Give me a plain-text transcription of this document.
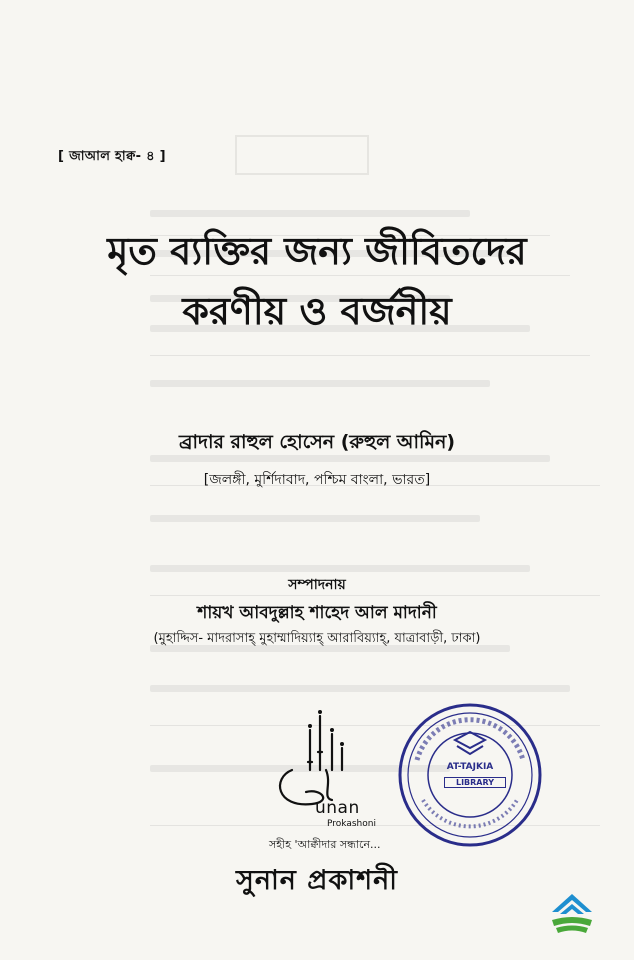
[ জাআল হাক্ব- ৪ ]
মৃত ব্যক্তির জন্য জীবিতদের
করণীয় ও বর্জনীয়
ব্রাদার রাহুল হোসেন (রুহুল আমিন)
[জলঙ্গী, মুর্শিদাবাদ, পশ্চিম বাংলা, ভারত]
সম্পাদনায়
শায়খ আবদুল্লাহ শাহেদ আল মাদানী
(মুহাদ্দিস- মাদরাসাহ্ মুহাম্মাদিয়্যাহ্ আরাবিয়্যাহ্, যাত্রাবাড়ী, ঢাকা)
unan
Prokashoni
সহীহ 'আক্বীদার সন্ধানে...
সুনান প্রকাশনী
AT-TAJKIA
LIBRARY
